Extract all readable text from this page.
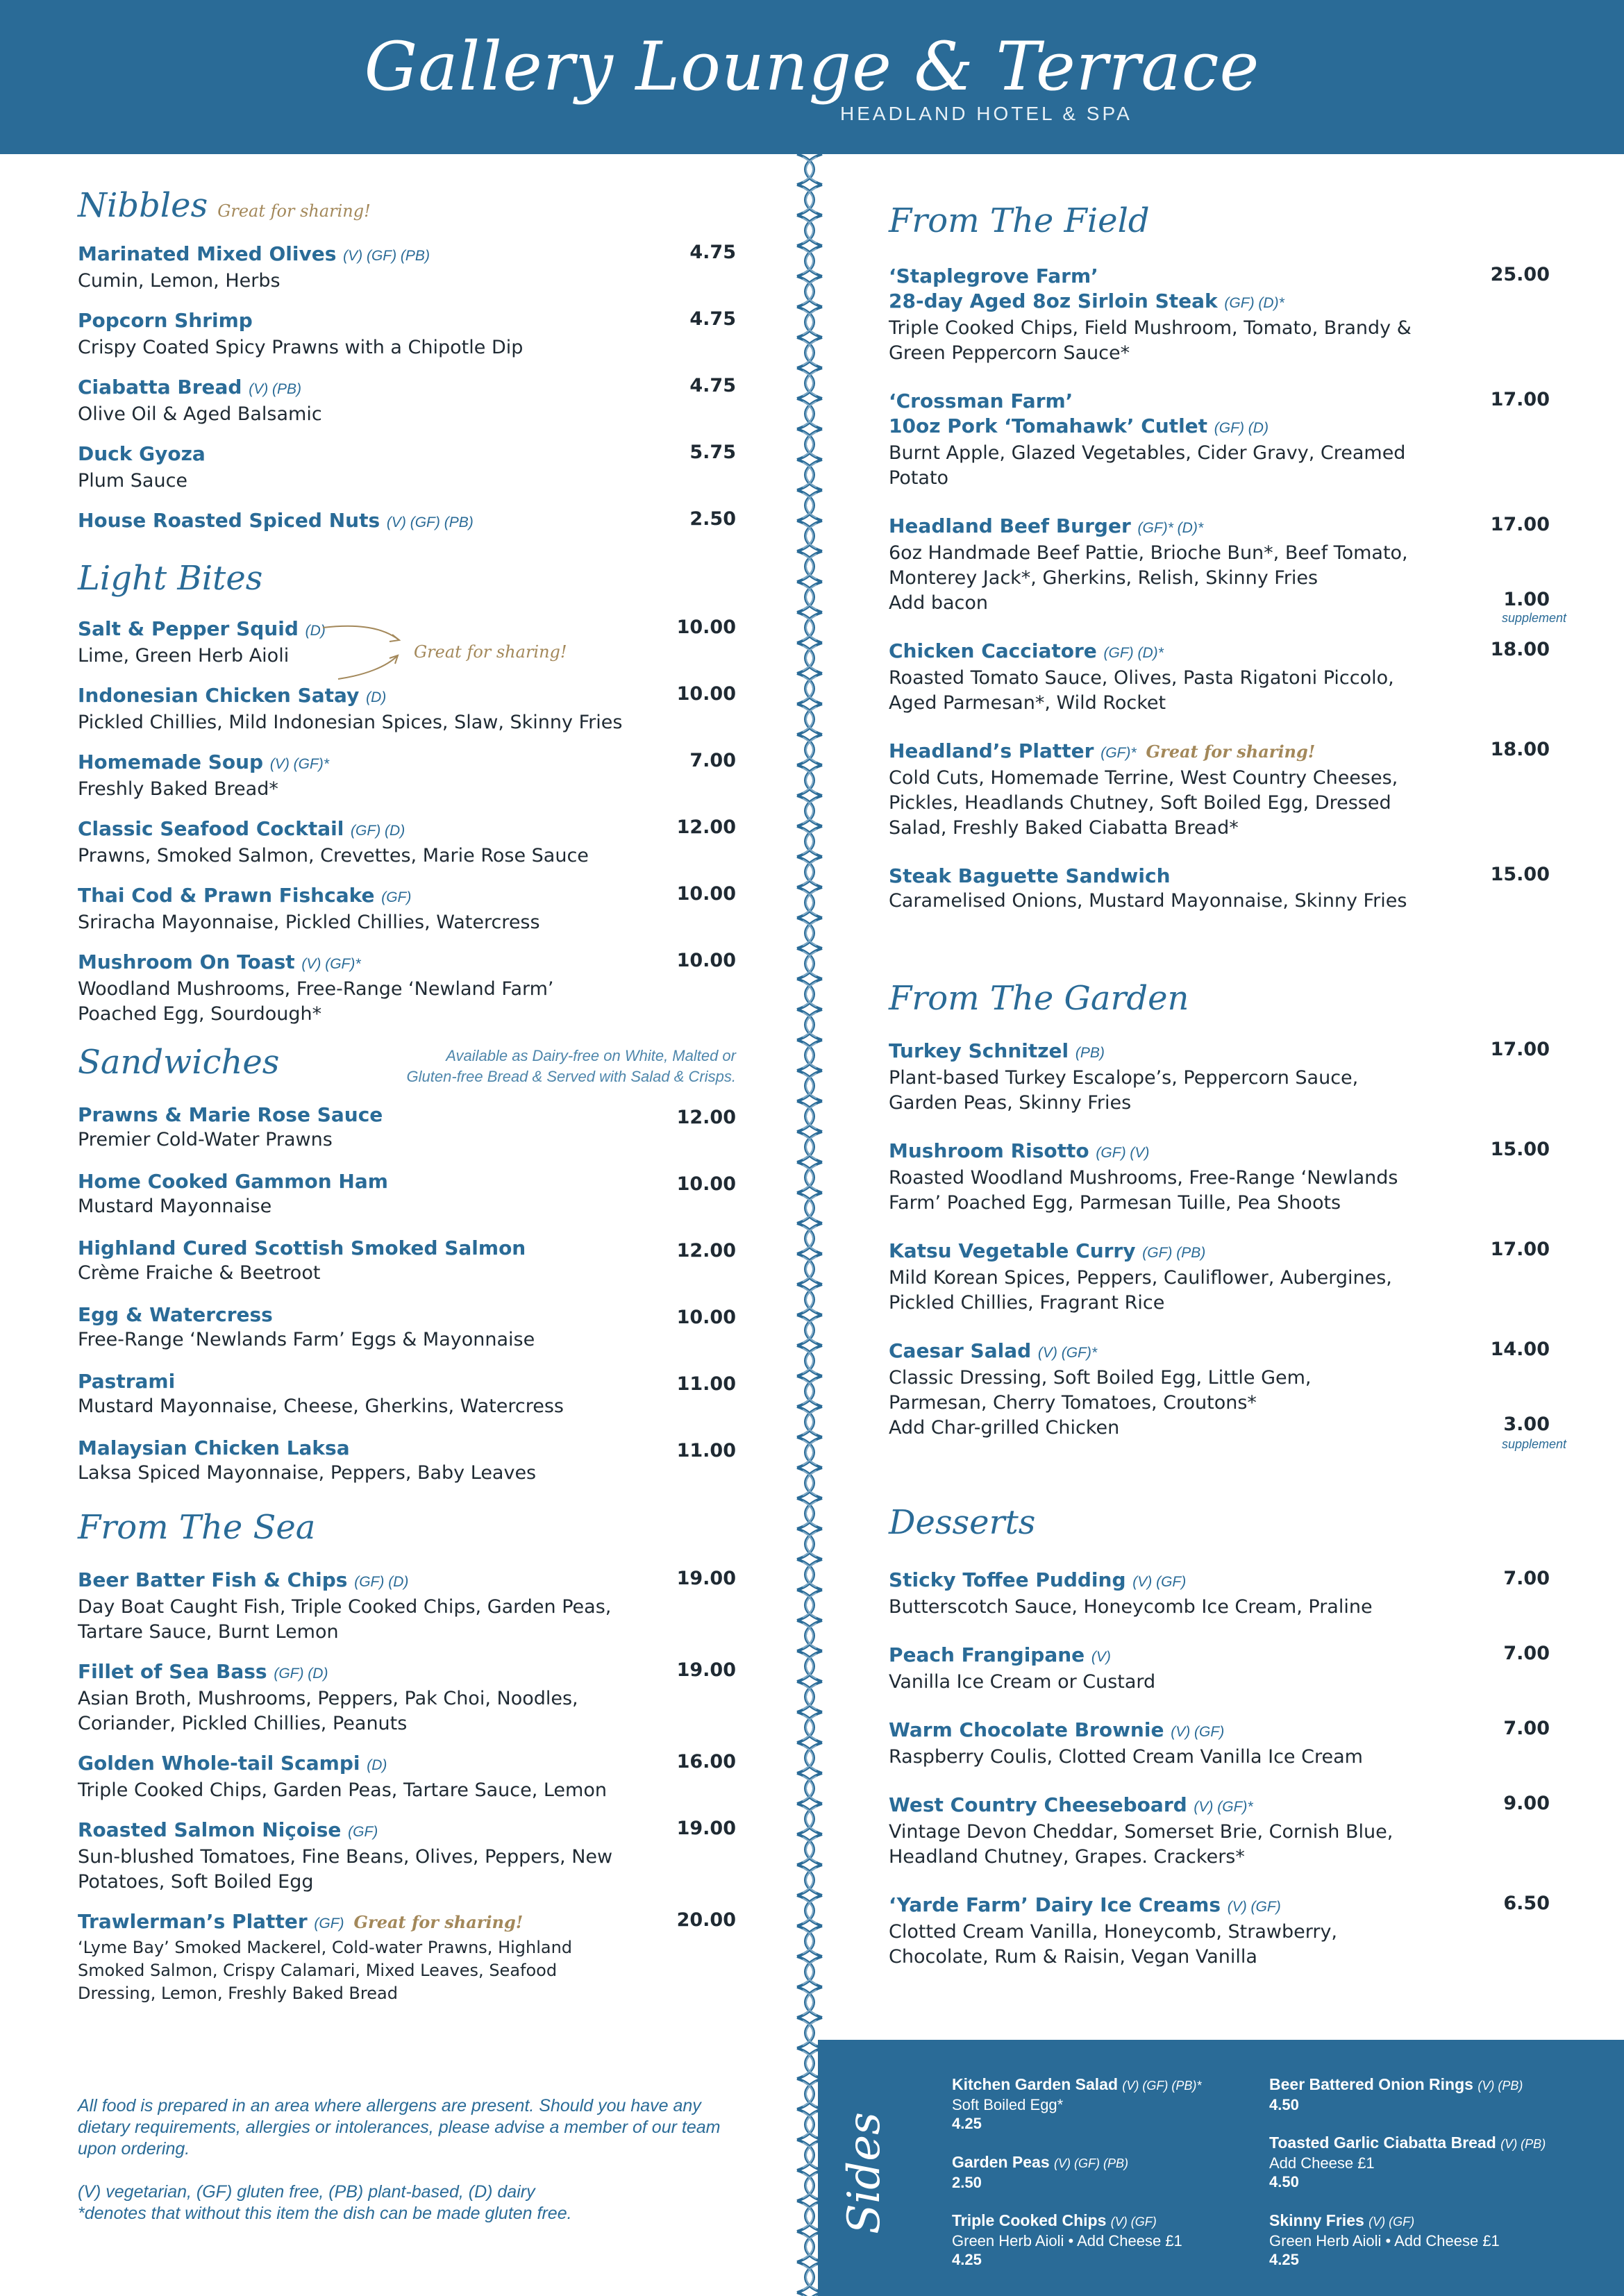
Gallery Lounge & Terrace
HEADLAND HOTEL & SPA
Nibbles Great for sharing!
Marinated Mixed Olives (V) (GF) (PB)
Cumin, Lemon, Herbs
4.75
Popcorn Shrimp
Crispy Coated Spicy Prawns with a Chipotle Dip
4.75
Ciabatta Bread (V) (PB)
Olive Oil & Aged Balsamic
4.75
Duck Gyoza
Plum Sauce
5.75
House Roasted Spiced Nuts (V) (GF) (PB)	2.50
Light Bites
Salt & Pepper Squid (D)
Lime, Green Herb Aioli
10.00
Great for sharing!
Indonesian Chicken Satay (D)
Pickled Chillies, Mild Indonesian Spices, Slaw, Skinny Fries
10.00
Homemade Soup (V) (GF)*
Freshly Baked Bread*
7.00
Classic Seafood Cocktail (GF) (D)
Prawns, Smoked Salmon, Crevettes, Marie Rose Sauce
12.00
Thai Cod & Prawn Fishcake (GF)
Sriracha Mayonnaise, Pickled Chillies, Watercress
10.00
Mushroom On Toast (V) (GF)*
Woodland Mushrooms, Free-Range ‘Newland Farm’ Poached Egg, Sourdough*
10.00
Sandwiches	Available as Dairy-free on White, Malted or
Gluten-free Bread & Served with Salad & Crisps.
Prawns & Marie Rose Sauce
Premier Cold-Water Prawns
12.00
Home Cooked Gammon Ham
Mustard Mayonnaise
10.00
Highland Cured Scottish Smoked Salmon
Crème Fraiche & Beetroot
12.00
Egg & Watercress
Free-Range ‘Newlands Farm’ Eggs & Mayonnaise
10.00
Pastrami
Mustard Mayonnaise, Cheese, Gherkins, Watercress
11.00
Malaysian Chicken Laksa
Laksa Spiced Mayonnaise, Peppers, Baby Leaves
11.00
From The Sea
Beer Batter Fish & Chips (GF) (D)
Day Boat Caught Fish, Triple Cooked Chips, Garden Peas, Tartare Sauce, Burnt Lemon
19.00
Fillet of Sea Bass (GF) (D)
Asian Broth, Mushrooms, Peppers, Pak Choi, Noodles, Coriander, Pickled Chillies, Peanuts
19.00
Golden Whole-tail Scampi (D)
Triple Cooked Chips, Garden Peas, Tartare Sauce, Lemon
16.00
Roasted Salmon Niçoise (GF)
Sun-blushed Tomatoes, Fine Beans, Olives, Peppers, New Potatoes, Soft Boiled Egg
19.00
Trawlerman’s Platter (GF) Great for sharing!
‘Lyme Bay’ Smoked Mackerel, Cold-water Prawns, Highland Smoked Salmon, Crispy Calamari, Mixed Leaves, Seafood Dressing, Lemon, Freshly Baked Bread
20.00

All food is prepared in an area where allergens are present. Should you have any dietary requirements, allergies or intolerances, please advise a member of our team upon ordering.

(V) vegetarian, (GF) gluten free, (PB) plant-based, (D) dairy
*denotes that without this item the dish can be made gluten free.

From The Field
‘Staplegrove Farm’
28-day Aged 8oz Sirloin Steak (GF) (D)*
Triple Cooked Chips, Field Mushroom, Tomato, Brandy & Green Peppercorn Sauce*
25.00
‘Crossman Farm’
10oz Pork ‘Tomahawk’ Cutlet (GF) (D)
Burnt Apple, Glazed Vegetables, Cider Gravy, Creamed Potato
17.00
Headland Beef Burger (GF)* (D)*
6oz Handmade Beef Pattie, Brioche Bun*, Beef Tomato, Monterey Jack*, Gherkins, Relish, Skinny Fries
Add bacon
17.00
1.00
supplement
Chicken Cacciatore (GF) (D)*
Roasted Tomato Sauce, Olives, Pasta Rigatoni Piccolo, Aged Parmesan*, Wild Rocket
18.00
Headland’s Platter (GF)* Great for sharing!
Cold Cuts, Homemade Terrine, West Country Cheeses, Pickles, Headlands Chutney, Soft Boiled Egg, Dressed Salad, Freshly Baked Ciabatta Bread*
18.00
Steak Baguette Sandwich
Caramelised Onions, Mustard Mayonnaise, Skinny Fries
15.00
From The Garden
Turkey Schnitzel (PB)
Plant-based Turkey Escalope’s, Peppercorn Sauce, Garden Peas, Skinny Fries
17.00
Mushroom Risotto (GF) (V)
Roasted Woodland Mushrooms, Free-Range ‘Newlands Farm’ Poached Egg, Parmesan Tuille, Pea Shoots
15.00
Katsu Vegetable Curry (GF) (PB)
Mild Korean Spices, Peppers, Cauliflower, Aubergines, Pickled Chillies, Fragrant Rice
17.00
Caesar Salad (V) (GF)*
Classic Dressing, Soft Boiled Egg, Little Gem, Parmesan, Cherry Tomatoes, Croutons*
Add Char-grilled Chicken
14.00
3.00
supplement
Desserts
Sticky Toffee Pudding (V) (GF)
Butterscotch Sauce, Honeycomb Ice Cream, Praline
7.00
Peach Frangipane (V)
Vanilla Ice Cream or Custard
7.00
Warm Chocolate Brownie (V) (GF)
Raspberry Coulis, Clotted Cream Vanilla Ice Cream
7.00
West Country Cheeseboard (V) (GF)*
Vintage Devon Cheddar, Somerset Brie, Cornish Blue, Headland Chutney, Grapes. Crackers*
9.00
‘Yarde Farm’ Dairy Ice Creams (V) (GF)
Clotted Cream Vanilla, Honeycomb, Strawberry, Chocolate, Rum & Raisin, Vegan Vanilla
6.50
Sides
Kitchen Garden Salad (V) (GF) (PB)*
Soft Boiled Egg*
4.25
Garden Peas (V) (GF) (PB)
2.50
Triple Cooked Chips (V) (GF)
Green Herb Aioli • Add Cheese £1
4.25
Beer Battered Onion Rings (V) (PB)
4.50
Toasted Garlic Ciabatta Bread (V) (PB)
Add Cheese £1
4.50
Skinny Fries (V) (GF)
Green Herb Aioli • Add Cheese £1
4.25
